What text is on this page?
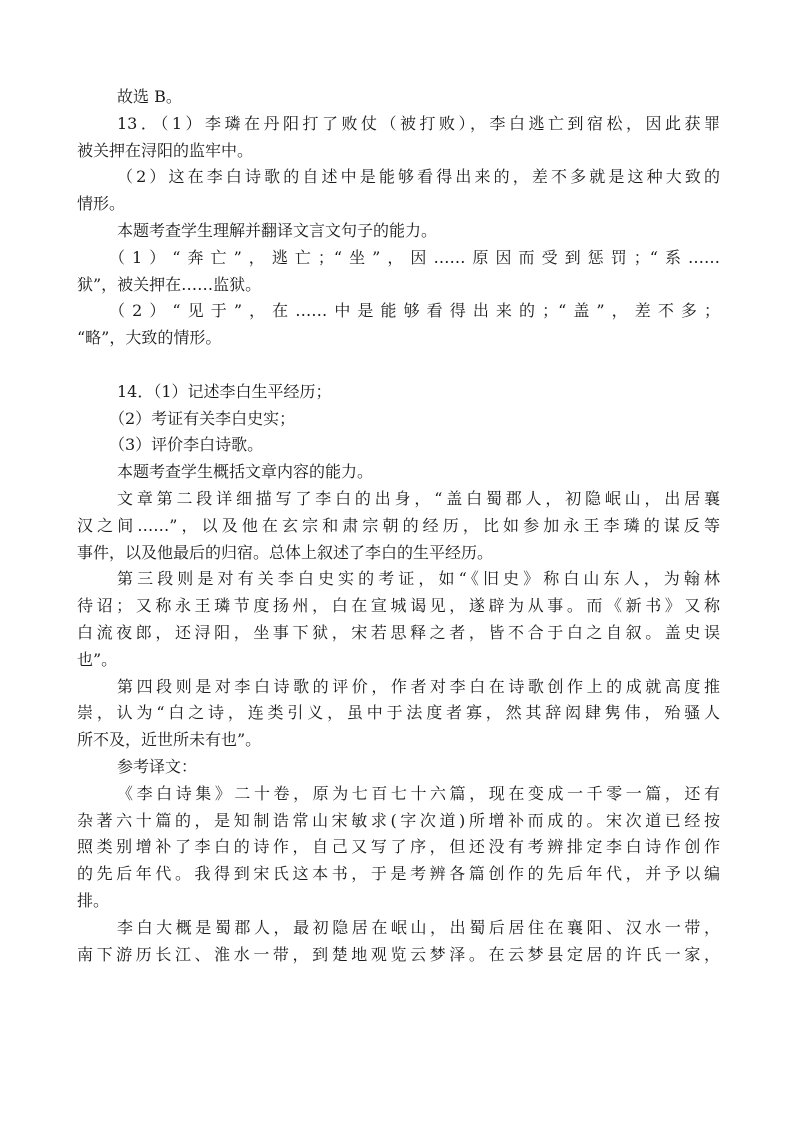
故选 B。
13．（1）李璘在丹阳打了败仗（被打败），李白逃亡到宿松，因此获罪
被关押在浔阳的监牢中。
（2）这在李白诗歌的自述中是能够看得出来的，差不多就是这种大致的
情形。
本题考查学生理解并翻译文言文句子的能力。
（1）“奔亡”，逃亡；“坐”，因……原因而受到惩罚；“系……
狱”，被关押在……监狱。
（2）“见于”，在……中是能够看得出来的；“盖”，差不多；
“略”，大致的情形。
14．（1）记述李白生平经历；
（2）考证有关李白史实；
（3）评价李白诗歌。
本题考查学生概括文章内容的能力。
文章第二段详细描写了李白的出身，“盖白蜀郡人，初隐岷山，出居襄
汉之间……”，以及他在玄宗和肃宗朝的经历，比如参加永王李璘的谋反等
事件，以及他最后的归宿。总体上叙述了李白的生平经历。
第三段则是对有关李白史实的考证，如“《旧史》称白山东人，为翰林
待诏；又称永王璘节度扬州，白在宣城谒见，遂辟为从事。而《新书》又称
白流夜郎，还浔阳，坐事下狱，宋若思释之者，皆不合于白之自叙。盖史误
也”。
第四段则是对李白诗歌的评价，作者对李白在诗歌创作上的成就高度推
崇，认为“白之诗，连类引义，虽中于法度者寡，然其辞闳肆隽伟，殆骚人
所不及，近世所未有也”。
参考译文：
《李白诗集》二十卷，原为七百七十六篇，现在变成一千零一篇，还有
杂著六十篇的，是知制诰常山宋敏求(字次道)所增补而成的。宋次道已经按
照类别增补了李白的诗作，自己又写了序，但还没有考辨排定李白诗作创作
的先后年代。我得到宋氏这本书，于是考辨各篇创作的先后年代，并予以编
排。
李白大概是蜀郡人，最初隐居在岷山，出蜀后居住在襄阳、汉水一带，
南下游历长江、淮水一带，到楚地观览云梦泽。在云梦县定居的许氏一家，
